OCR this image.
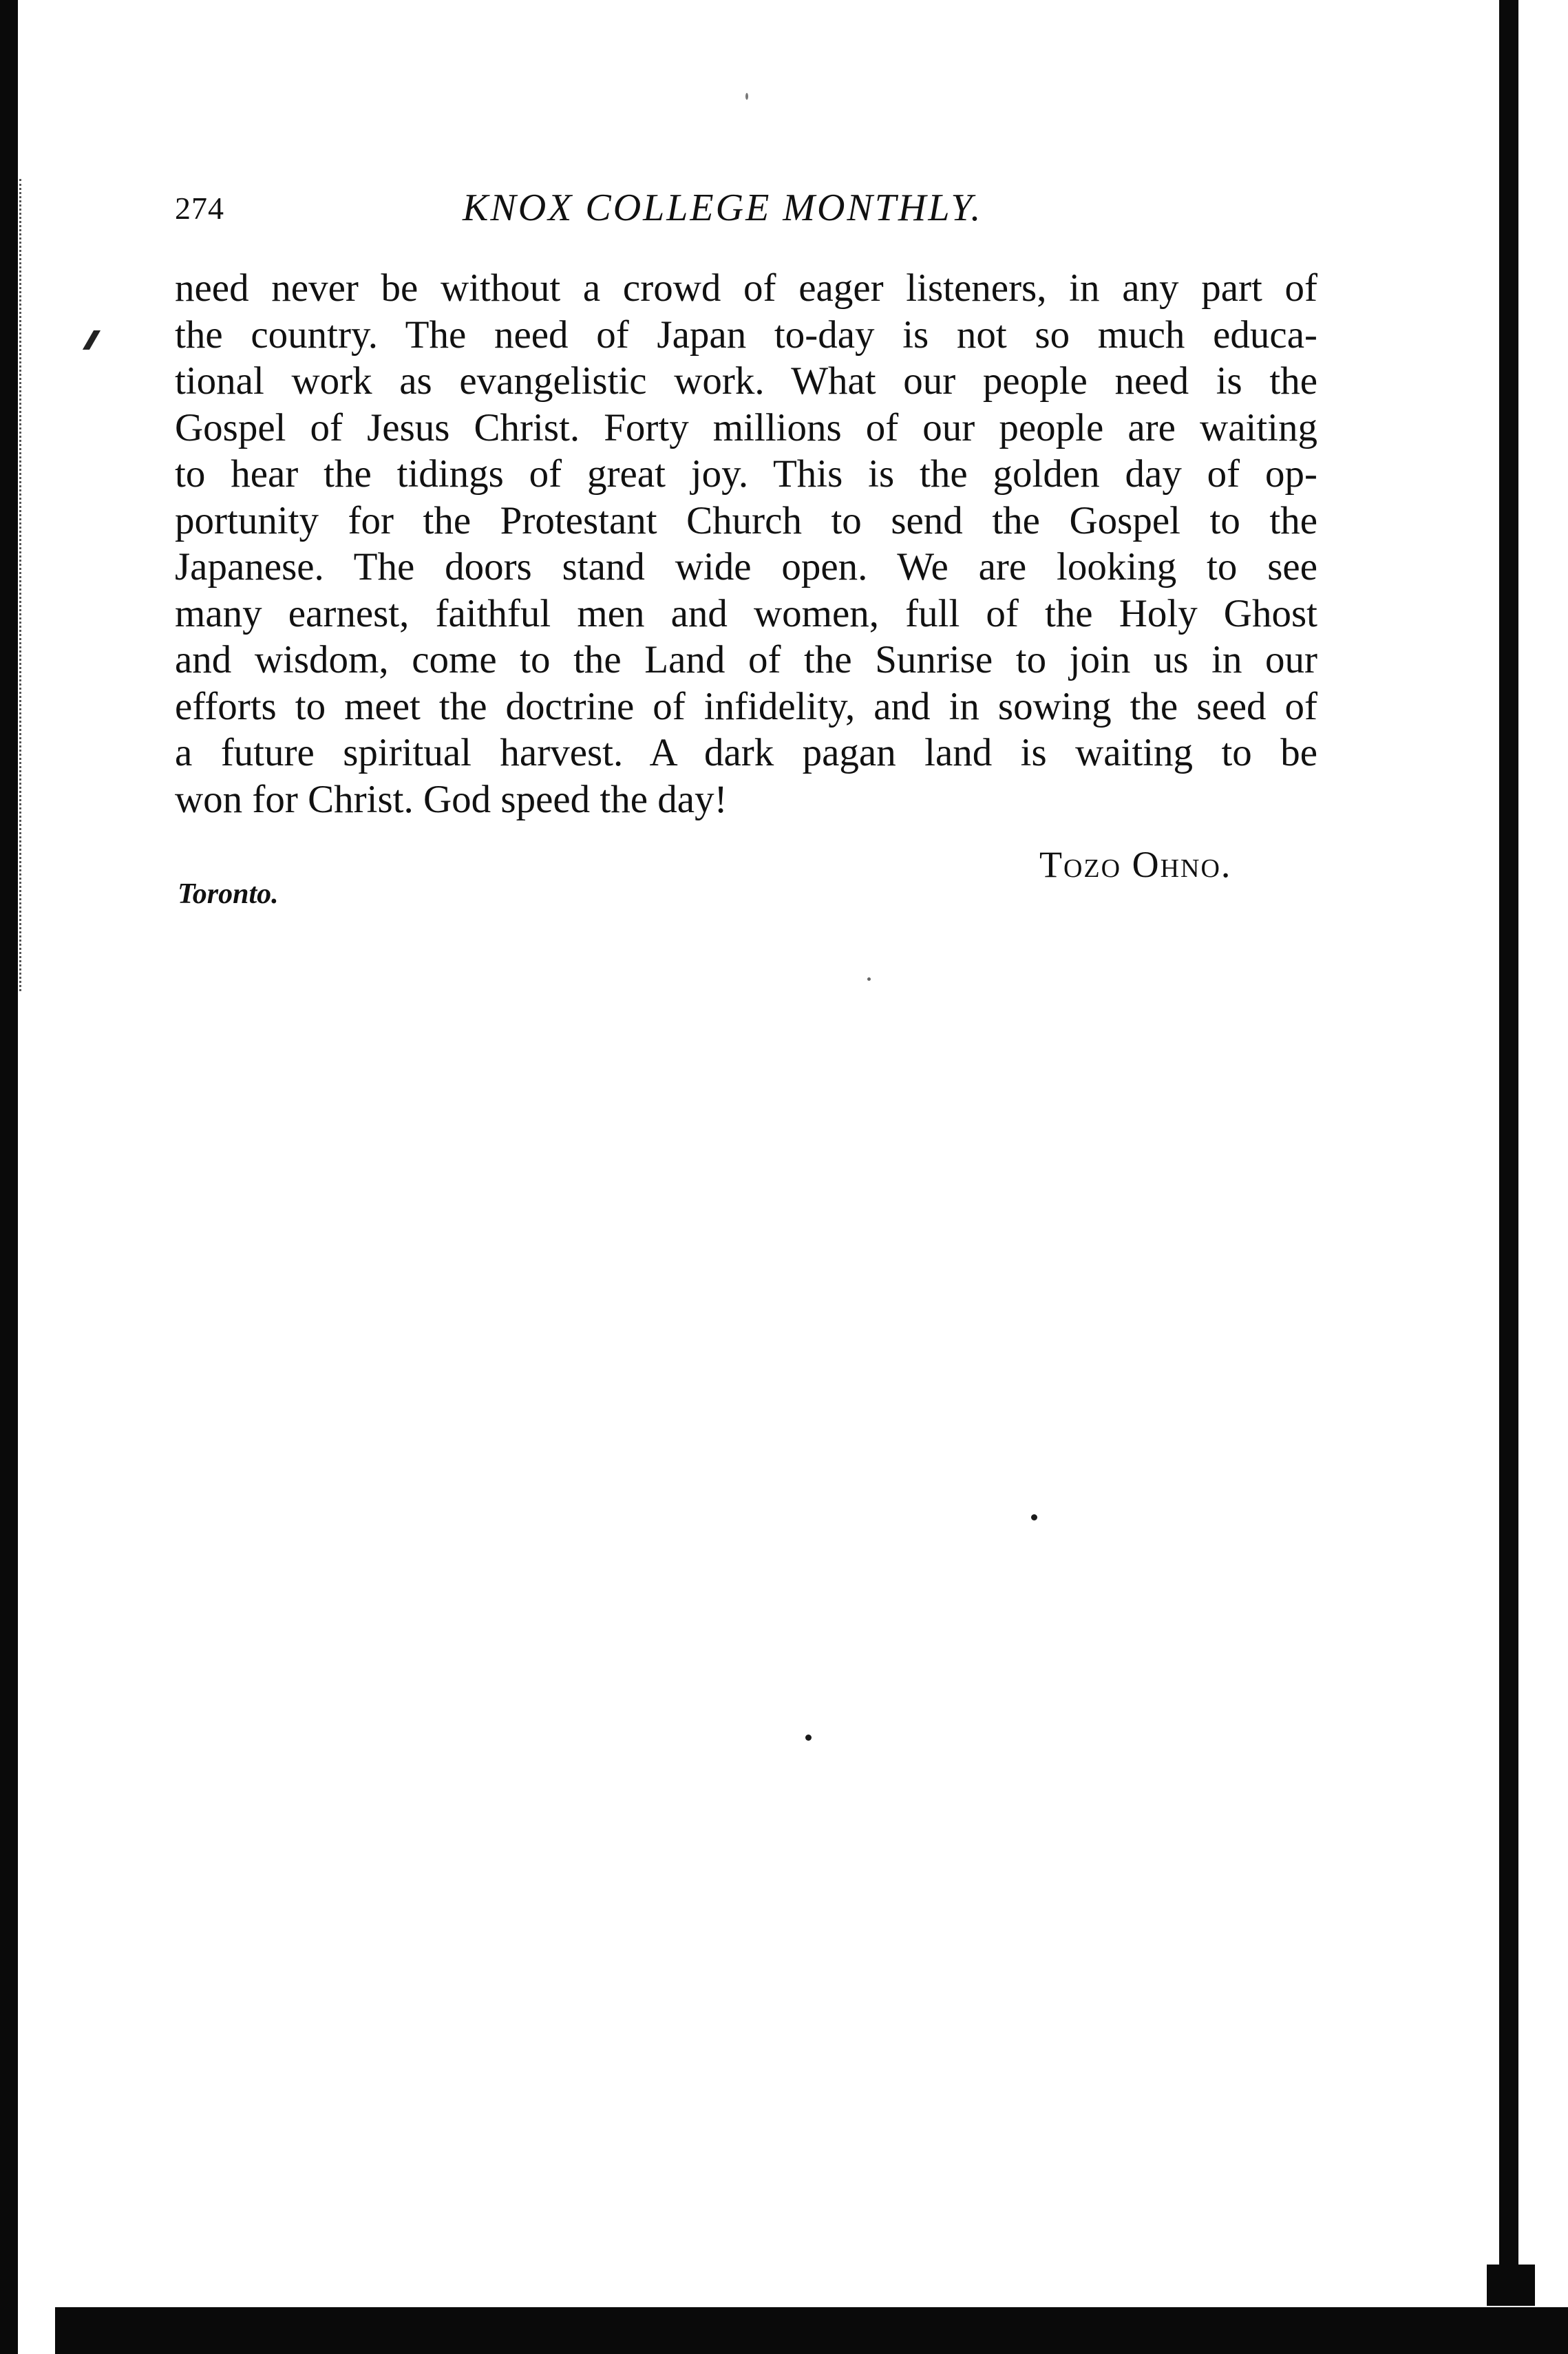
274	KNOX COLLEGE MONTHLY.
need never be without a crowd of eager listeners, in any part of
the country. The need of Japan to-day is not so much educa-
tional work as evangelistic work. What our people need is the
Gospel of Jesus Christ. Forty millions of our people are waiting
to hear the tidings of great joy. This is the golden day of op-
portunity for the Protestant Church to send the Gospel to the
Japanese. The doors stand wide open. We are looking to see
many earnest, faithful men and women, full of the Holy Ghost
and wisdom, come to the Land of the Sunrise to join us in our
efforts to meet the doctrine of infidelity, and in sowing the seed of
a future spiritual harvest. A dark pagan land is waiting to be
won for Christ. God speed the day!
Tozo Ohno.
Toronto.
